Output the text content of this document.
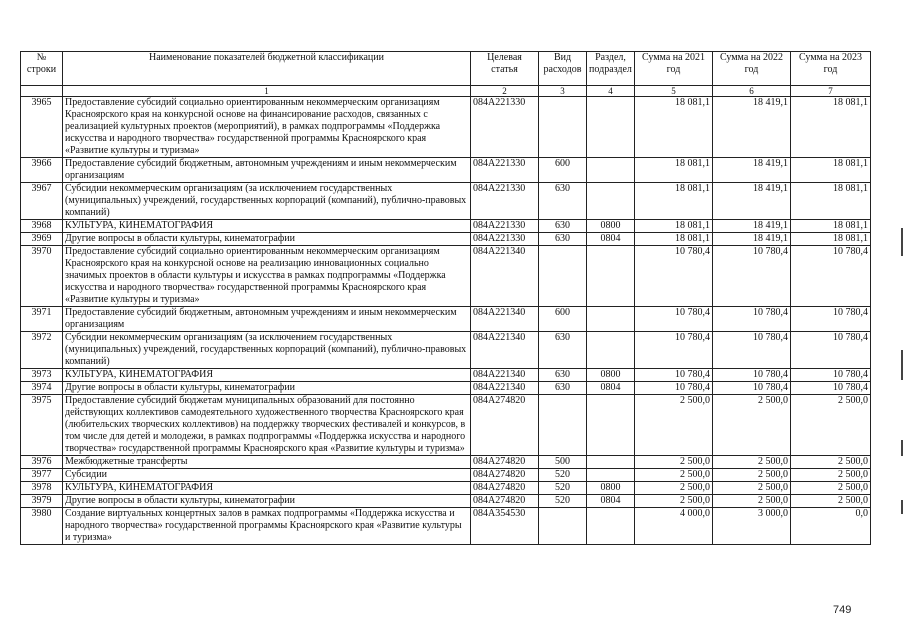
№ строки	Наименование показателей бюджетной классификации	Целевая статья	Вид расходов	Раздел, подраздел	Сумма на 2021 год	Сумма на 2022 год	Сумма на 2023 год
	1	2	3	4	5	6	7
3965	Предоставление субсидий социально ориентированным некоммерческим организациям Красноярского края на конкурсной основе на финансирование расходов, связанных с реализацией культурных проектов (мероприятий), в рамках подпрограммы «Поддержка искусства и народного творчества» государственной программы Красноярского края «Развитие культуры и туризма»	084A221330			18 081,1	18 419,1	18 081,1
3966	Предоставление субсидий бюджетным, автономным учреждениям и иным некоммерческим организациям	084A221330	600		18 081,1	18 419,1	18 081,1
3967	Субсидии некоммерческим организациям (за исключением государственных (муниципальных) учреждений, государственных корпораций (компаний), публично-правовых компаний)	084A221330	630		18 081,1	18 419,1	18 081,1
3968	КУЛЬТУРА, КИНЕМАТОГРАФИЯ	084A221330	630	0800	18 081,1	18 419,1	18 081,1
3969	Другие вопросы в области культуры, кинематографии	084A221330	630	0804	18 081,1	18 419,1	18 081,1
3970	Предоставление субсидий социально ориентированным некоммерческим организациям Красноярского края на конкурсной основе на реализацию инновационных социально значимых проектов в области культуры и искусства в рамках подпрограммы «Поддержка искусства и народного творчества» государственной программы Красноярского края «Развитие культуры и туризма»	084A221340			10 780,4	10 780,4	10 780,4
3971	Предоставление субсидий бюджетным, автономным учреждениям и иным некоммерческим организациям	084A221340	600		10 780,4	10 780,4	10 780,4
3972	Субсидии некоммерческим организациям (за исключением государственных (муниципальных) учреждений, государственных корпораций (компаний), публично-правовых компаний)	084A221340	630		10 780,4	10 780,4	10 780,4
3973	КУЛЬТУРА, КИНЕМАТОГРАФИЯ	084A221340	630	0800	10 780,4	10 780,4	10 780,4
3974	Другие вопросы в области культуры, кинематографии	084A221340	630	0804	10 780,4	10 780,4	10 780,4
3975	Предоставление субсидий бюджетам муниципальных образований для постоянно действующих коллективов самодеятельного художественного творчества Красноярского края (любительских творческих коллективов) на поддержку творческих фестивалей и конкурсов, в том числе для детей и молодежи, в рамках подпрограммы «Поддержка искусства и народного творчества» государственной программы Красноярского края «Развитие культуры и туризма»	084A274820			2 500,0	2 500,0	2 500,0
3976	Межбюджетные трансферты	084A274820	500		2 500,0	2 500,0	2 500,0
3977	Субсидии	084A274820	520		2 500,0	2 500,0	2 500,0
3978	КУЛЬТУРА, КИНЕМАТОГРАФИЯ	084A274820	520	0800	2 500,0	2 500,0	2 500,0
3979	Другие вопросы в области культуры, кинематографии	084A274820	520	0804	2 500,0	2 500,0	2 500,0
3980	Создание виртуальных концертных залов в рамках подпрограммы «Поддержка искусства и народного творчества» государственной программы Красноярского края «Развитие культуры и туризма»	084A354530			4 000,0	3 000,0	0,0
749
